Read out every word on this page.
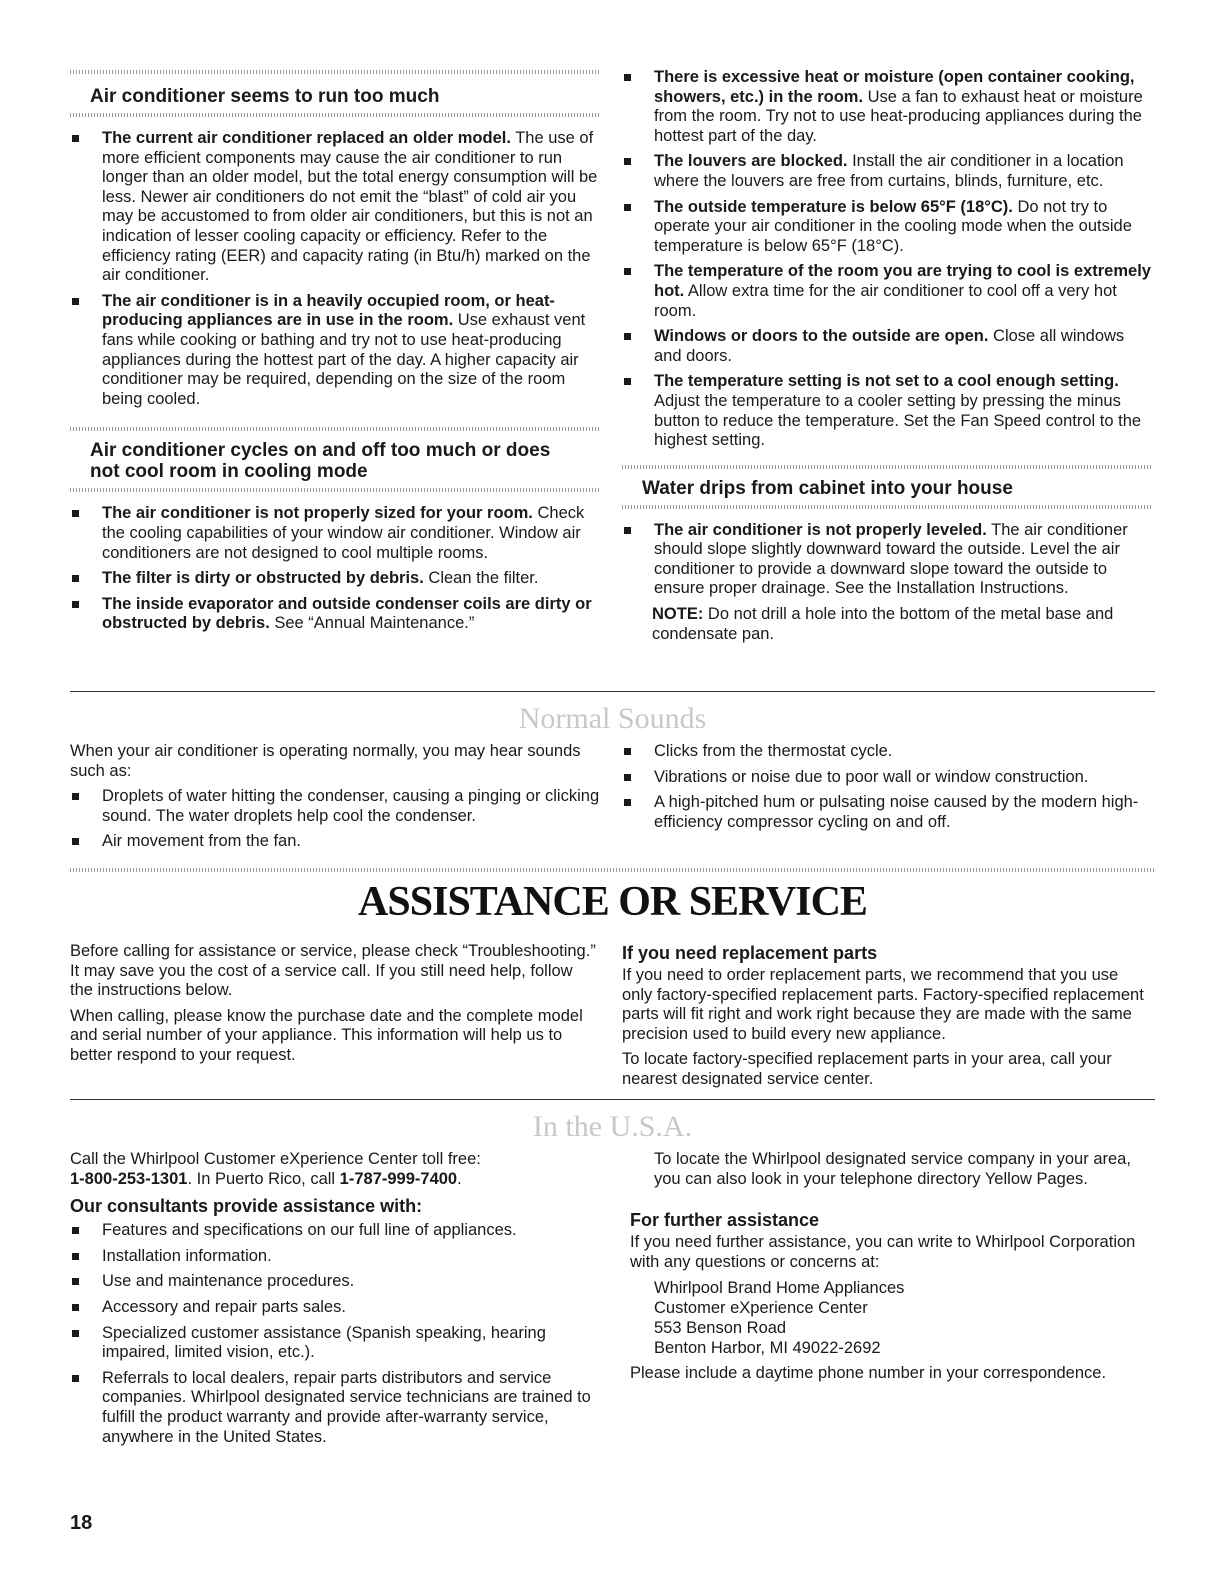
Air conditioner seems to run too much

The current air conditioner replaced an older model. The use of more efficient components may cause the air conditioner to run longer than an older model, but the total energy consumption will be less. Newer air conditioners do not emit the “blast” of cold air you may be accustomed to from older air conditioners, but this is not an indication of lesser cooling capacity or efficiency. Refer to the efficiency rating (EER) and capacity rating (in Btu/h) marked on the air conditioner.

The air conditioner is in a heavily occupied room, or heat-producing appliances are in use in the room. Use exhaust vent fans while cooking or bathing and try not to use heat-producing appliances during the hottest part of the day. A higher capacity air conditioner may be required, depending on the size of the room being cooled.

Air conditioner cycles on and off too much or does not cool room in cooling mode

The air conditioner is not properly sized for your room. Check the cooling capabilities of your window air conditioner. Window air conditioners are not designed to cool multiple rooms.

The filter is dirty or obstructed by debris. Clean the filter.

The inside evaporator and outside condenser coils are dirty or obstructed by debris. See “Annual Maintenance.”

There is excessive heat or moisture (open container cooking, showers, etc.) in the room. Use a fan to exhaust heat or moisture from the room. Try not to use heat-producing appliances during the hottest part of the day.

The louvers are blocked. Install the air conditioner in a location where the louvers are free from curtains, blinds, furniture, etc.

The outside temperature is below 65°F (18°C). Do not try to operate your air conditioner in the cooling mode when the outside temperature is below 65°F (18°C).

The temperature of the room you are trying to cool is extremely hot. Allow extra time for the air conditioner to cool off a very hot room.

Windows or doors to the outside are open. Close all windows and doors.

The temperature setting is not set to a cool enough setting. Adjust the temperature to a cooler setting by pressing the minus button to reduce the temperature. Set the Fan Speed control to the highest setting.

Water drips from cabinet into your house

The air conditioner is not properly leveled. The air conditioner should slope slightly downward toward the outside. Level the air conditioner to provide a downward slope toward the outside to ensure proper drainage. See the Installation Instructions.

NOTE: Do not drill a hole into the bottom of the metal base and condensate pan.

Normal Sounds

When your air conditioner is operating normally, you may hear sounds such as:

Droplets of water hitting the condenser, causing a pinging or clicking sound. The water droplets help cool the condenser.

Air movement from the fan.

Clicks from the thermostat cycle.

Vibrations or noise due to poor wall or window construction.

A high-pitched hum or pulsating noise caused by the modern high-efficiency compressor cycling on and off.

ASSISTANCE OR SERVICE

Before calling for assistance or service, please check “Troubleshooting.” It may save you the cost of a service call. If you still need help, follow the instructions below.

When calling, please know the purchase date and the complete model and serial number of your appliance. This information will help us to better respond to your request.

If you need replacement parts

If you need to order replacement parts, we recommend that you use only factory-specified replacement parts. Factory-specified replacement parts will fit right and work right because they are made with the same precision used to build every new appliance.

To locate factory-specified replacement parts in your area, call your nearest designated service center.

In the U.S.A.

Call the Whirlpool Customer eXperience Center toll free:

1-800-253-1301. In Puerto Rico, call 1-787-999-7400.

Our consultants provide assistance with:

Features and specifications on our full line of appliances.

Installation information.

Use and maintenance procedures.

Accessory and repair parts sales.

Specialized customer assistance (Spanish speaking, hearing impaired, limited vision, etc.).

Referrals to local dealers, repair parts distributors and service companies. Whirlpool designated service technicians are trained to fulfill the product warranty and provide after-warranty service, anywhere in the United States.

To locate the Whirlpool designated service company in your area, you can also look in your telephone directory Yellow Pages.

For further assistance

If you need further assistance, you can write to Whirlpool Corporation with any questions or concerns at:

Whirlpool Brand Home Appliances
Customer eXperience Center
553 Benson Road
Benton Harbor, MI 49022-2692

Please include a daytime phone number in your correspondence.

18
